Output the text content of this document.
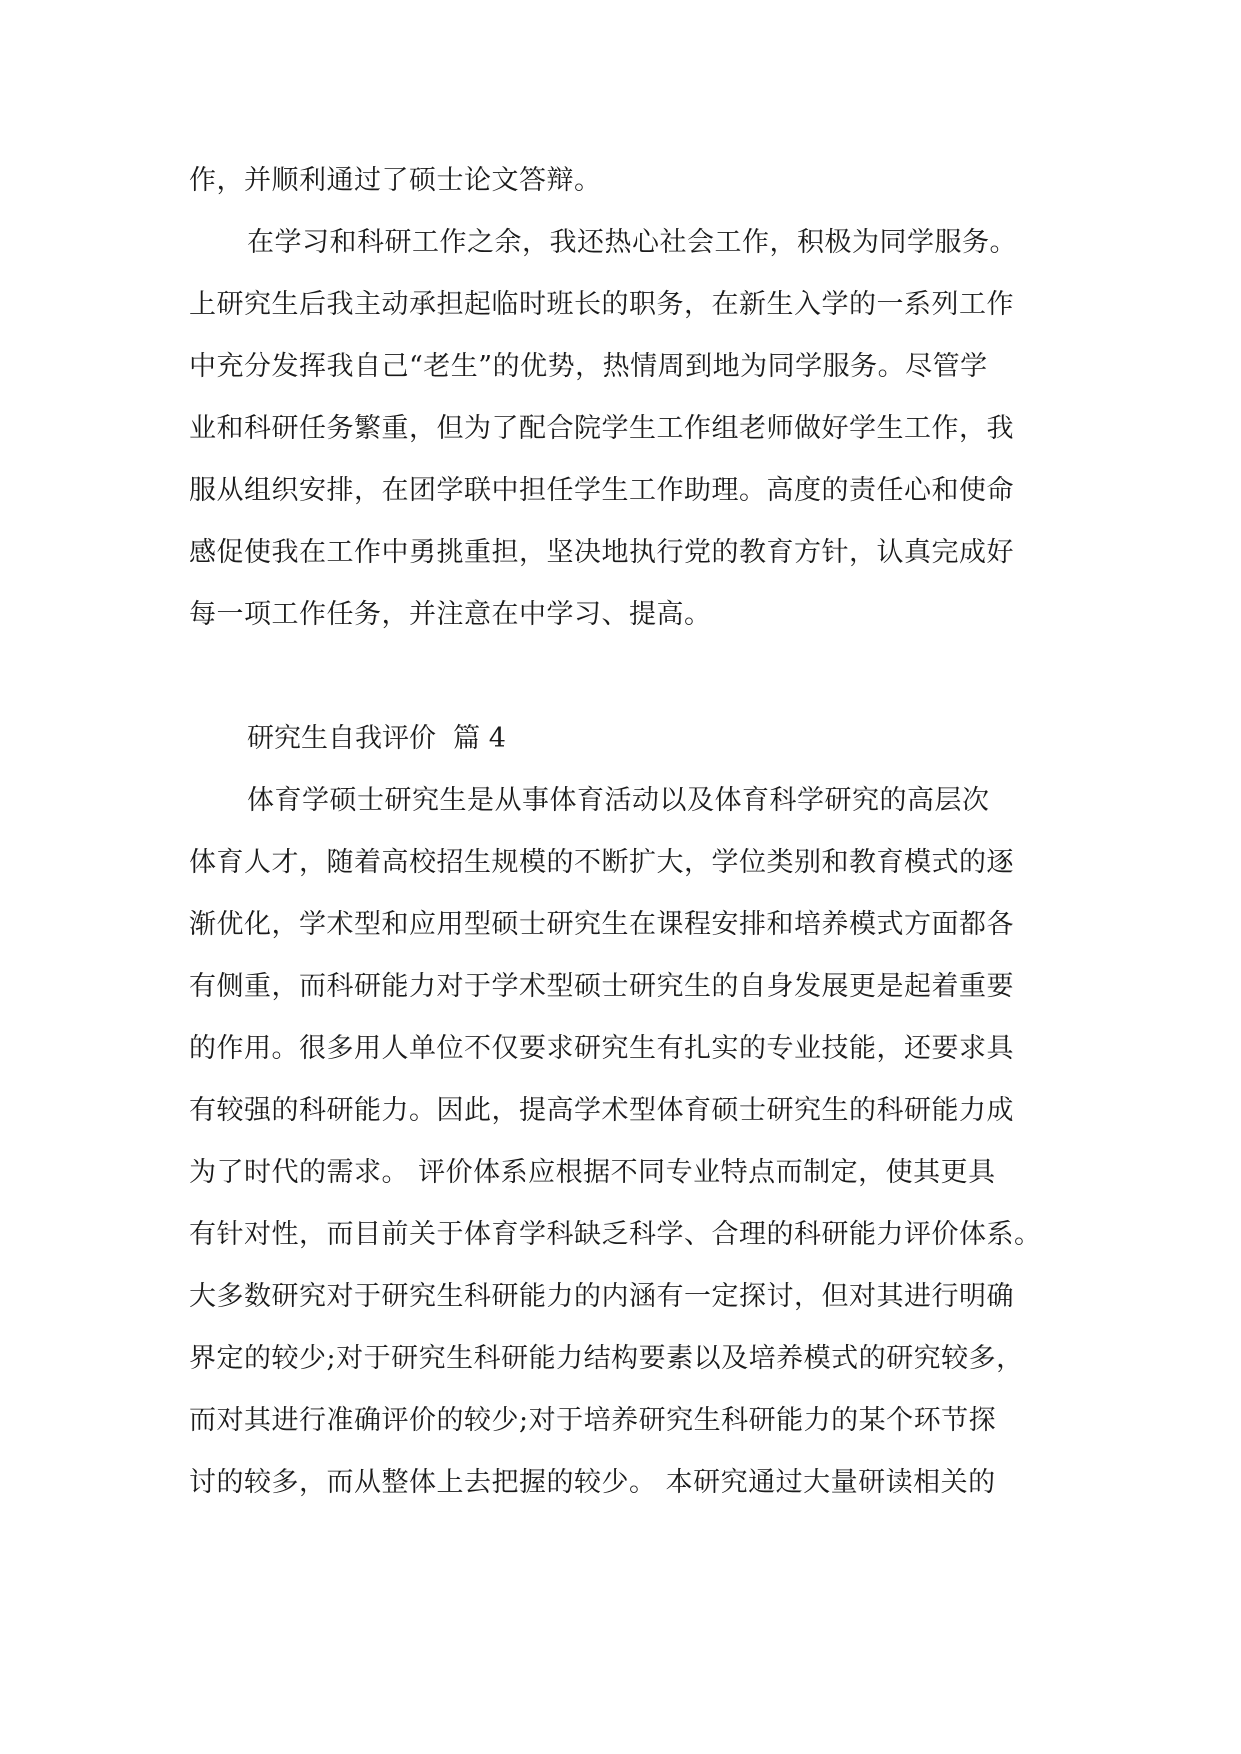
作，并顺利通过了硕士论文答辩。
在学习和科研工作之余，我还热心社会工作，积极为同学服务。
上研究生后我主动承担起临时班长的职务，在新生入学的一系列工作
中充分发挥我自己“老生”的优势，热情周到地为同学服务。尽管学
业和科研任务繁重，但为了配合院学生工作组老师做好学生工作，我
服从组织安排，在团学联中担任学生工作助理。高度的责任心和使命
感促使我在工作中勇挑重担，坚决地执行党的教育方针，认真完成好
每一项工作任务，并注意在中学习、提高。
研究生自我评价  篇 4
体育学硕士研究生是从事体育活动以及体育科学研究的高层次
体育人才，随着高校招生规模的不断扩大，学位类别和教育模式的逐
渐优化，学术型和应用型硕士研究生在课程安排和培养模式方面都各
有侧重，而科研能力对于学术型硕士研究生的自身发展更是起着重要
的作用。很多用人单位不仅要求研究生有扎实的专业技能，还要求具
有较强的科研能力。因此，提高学术型体育硕士研究生的科研能力成
为了时代的需求。 评价体系应根据不同专业特点而制定，使其更具
有针对性，而目前关于体育学科缺乏科学、合理的科研能力评价体系。
大多数研究对于研究生科研能力的内涵有一定探讨，但对其进行明确
界定的较少;对于研究生科研能力结构要素以及培养模式的研究较多，
而对其进行准确评价的较少;对于培养研究生科研能力的某个环节探
讨的较多，而从整体上去把握的较少。 本研究通过大量研读相关的
